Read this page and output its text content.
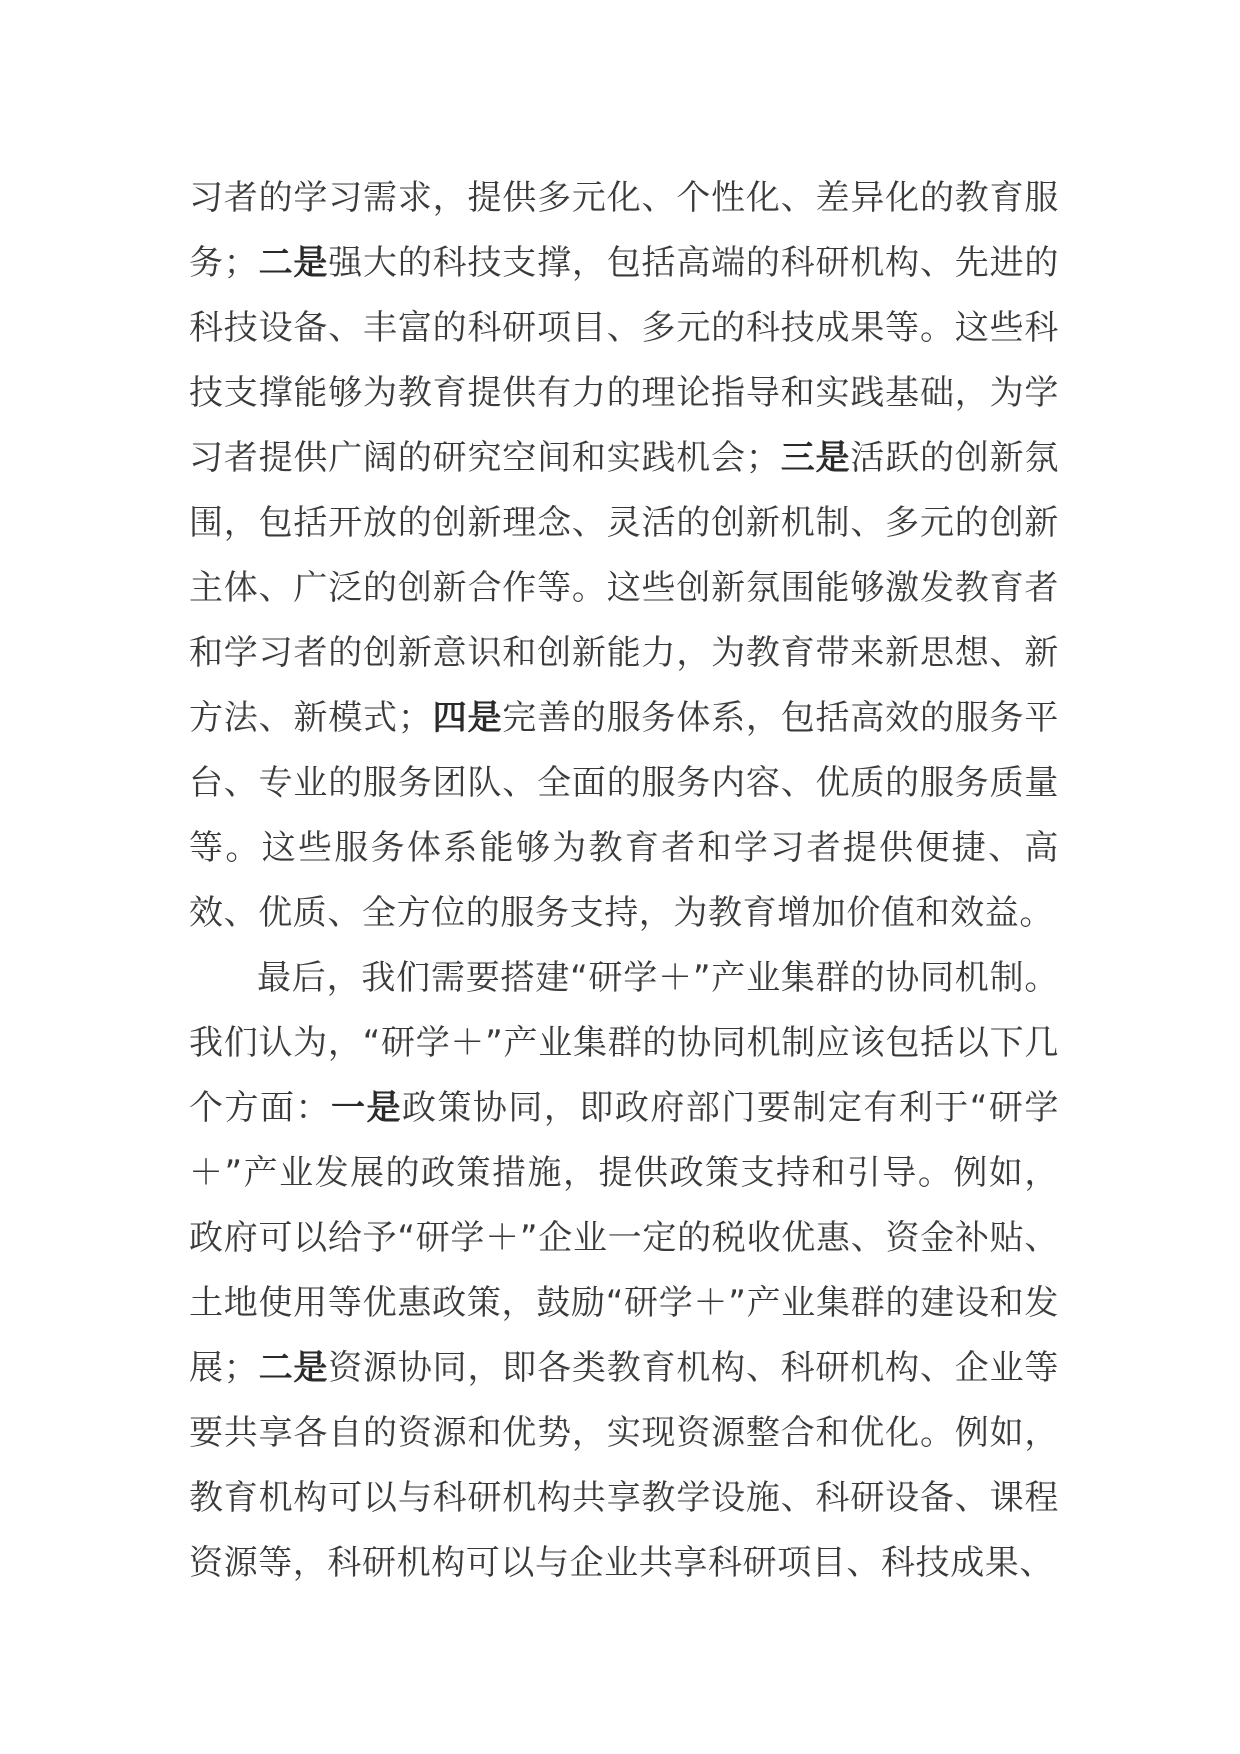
习者的学习需求，提供多元化、个性化、差异化的教育服务；二是强大的科技支撑，包括高端的科研机构、先进的科技设备、丰富的科研项目、多元的科技成果等。这些科技支撑能够为教育提供有力的理论指导和实践基础，为学习者提供广阔的研究空间和实践机会；三是活跃的创新氛围，包括开放的创新理念、灵活的创新机制、多元的创新主体、广泛的创新合作等。这些创新氛围能够激发教育者和学习者的创新意识和创新能力，为教育带来新思想、新方法、新模式；四是完善的服务体系，包括高效的服务平台、专业的服务团队、全面的服务内容、优质的服务质量等。这些服务体系能够为教育者和学习者提供便捷、高效、优质、全方位的服务支持，为教育增加价值和效益。

最后，我们需要搭建“研学＋”产业集群的协同机制。我们认为，“研学＋”产业集群的协同机制应该包括以下几个方面：一是政策协同，即政府部门要制定有利于“研学＋”产业发展的政策措施，提供政策支持和引导。例如，政府可以给予“研学＋”企业一定的税收优惠、资金补贴、土地使用等优惠政策，鼓励“研学＋”产业集群的建设和发展；二是资源协同，即各类教育机构、科研机构、企业等要共享各自的资源和优势，实现资源整合和优化。例如，教育机构可以与科研机构共享教学设施、科研设备、课程资源等，科研机构可以与企业共享科研项目、科技成果、
